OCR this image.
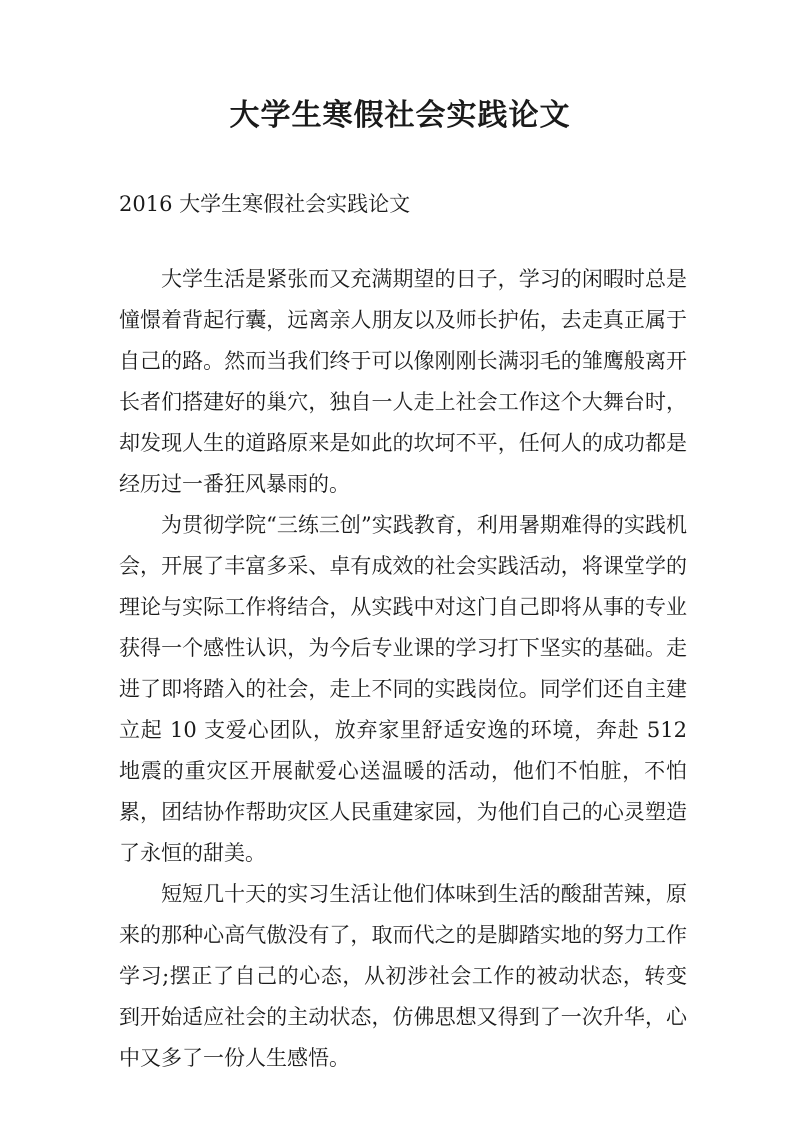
大学生寒假社会实践论文
2016 大学生寒假社会实践论文

大学生活是紧张而又充满期望的日子，学习的闲暇时总是憧憬着背起行囊，远离亲人朋友以及师长护佑，去走真正属于自己的路。然而当我们终于可以像刚刚长满羽毛的雏鹰般离开长者们搭建好的巢穴，独自一人走上社会工作这个大舞台时，却发现人生的道路原来是如此的坎坷不平，任何人的成功都是经历过一番狂风暴雨的。

为贯彻学院“三练三创”实践教育，利用暑期难得的实践机会，开展了丰富多采、卓有成效的社会实践活动，将课堂学的理论与实际工作将结合，从实践中对这门自己即将从事的专业获得一个感性认识，为今后专业课的学习打下坚实的基础。走进了即将踏入的社会，走上不同的实践岗位。同学们还自主建立起 10 支爱心团队，放弃家里舒适安逸的环境，奔赴 512 地震的重灾区开展献爱心送温暖的活动，他们不怕脏，不怕累，团结协作帮助灾区人民重建家园，为他们自己的心灵塑造了永恒的甜美。

短短几十天的实习生活让他们体味到生活的酸甜苦辣，原来的那种心高气傲没有了，取而代之的是脚踏实地的努力工作学习;摆正了自己的心态，从初涉社会工作的被动状态，转变到开始适应社会的主动状态，仿佛思想又得到了一次升华，心中又多了一份人生感悟。
